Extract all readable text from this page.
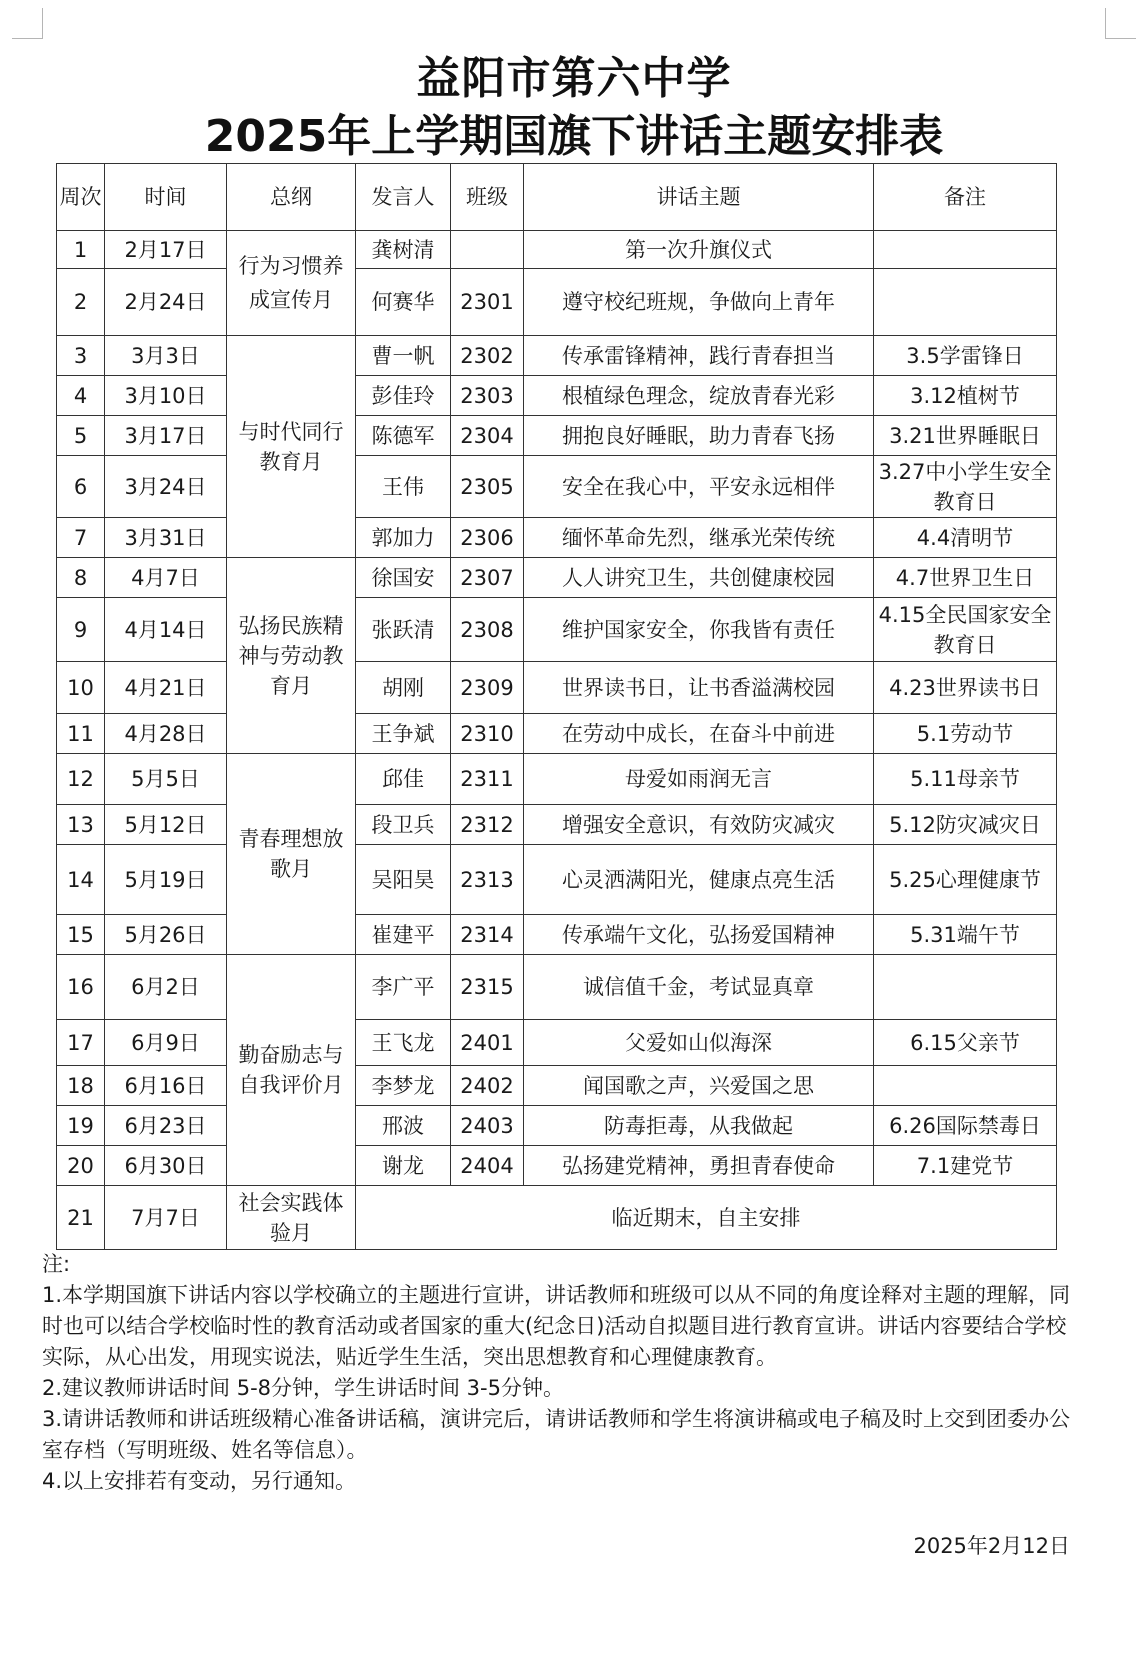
益阳市第六中学
2025年上学期国旗下讲话主题安排表
周次	时间	总纲	发言人	班级	讲话主题	备注
1	2月17日	行为习惯养成宣传月	龚树清		第一次升旗仪式	
2	2月24日		何赛华	2301	遵守校纪班规，争做向上青年	
3	3月3日	与时代同行教育月	曹一帆	2302	传承雷锋精神，践行青春担当	3.5学雷锋日
4	3月10日		彭佳玲	2303	根植绿色理念，绽放青春光彩	3.12植树节
5	3月17日		陈德军	2304	拥抱良好睡眠，助力青春飞扬	3.21世界睡眠日
6	3月24日		王伟	2305	安全在我心中，平安永远相伴	3.27中小学生安全教育日
7	3月31日		郭加力	2306	缅怀革命先烈，继承光荣传统	4.4清明节
8	4月7日	弘扬民族精神与劳动教育月	徐国安	2307	人人讲究卫生，共创健康校园	4.7世界卫生日
9	4月14日		张跃清	2308	维护国家安全，你我皆有责任	4.15全民国家安全教育日
10	4月21日		胡刚	2309	世界读书日，让书香溢满校园	4.23世界读书日
11	4月28日		王争斌	2310	在劳动中成长，在奋斗中前进	5.1劳动节
12	5月5日	青春理想放歌月	邱佳	2311	母爱如雨润无言	5.11母亲节
13	5月12日		段卫兵	2312	增强安全意识，有效防灾减灾	5.12防灾减灾日
14	5月19日		吴阳昊	2313	心灵洒满阳光，健康点亮生活	5.25心理健康节
15	5月26日		崔建平	2314	传承端午文化，弘扬爱国精神	5.31端午节
16	6月2日	勤奋励志与自我评价月	李广平	2315	诚信值千金，考试显真章	
17	6月9日		王飞龙	2401	父爱如山似海深	6.15父亲节
18	6月16日		李梦龙	2402	闻国歌之声，兴爱国之思	
19	6月23日		邢波	2403	防毒拒毒，从我做起	6.26国际禁毒日
20	6月30日		谢龙	2404	弘扬建党精神，勇担青春使命	7.1建党节
21	7月7日	社会实践体验月	临近期末，自主安排			

注:

1.本学期国旗下讲话内容以学校确立的主题进行宣讲，讲话教师和班级可以从不同的角度诠释对主题的理解，同时也可以结合学校临时性的教育活动或者国家的重大(纪念日)活动自拟题目进行教育宣讲。讲话内容要结合学校实际，从心出发，用现实说法，贴近学生生活，突出思想教育和心理健康教育。

2.建议教师讲话时间 5-8分钟，学生讲话时间 3-5分钟。

3.请讲话教师和讲话班级精心准备讲话稿，演讲完后，请讲话教师和学生将演讲稿或电子稿及时上交到团委办公室存档（写明班级、姓名等信息）。

4.以上安排若有变动，另行通知。

2025年2月12日
